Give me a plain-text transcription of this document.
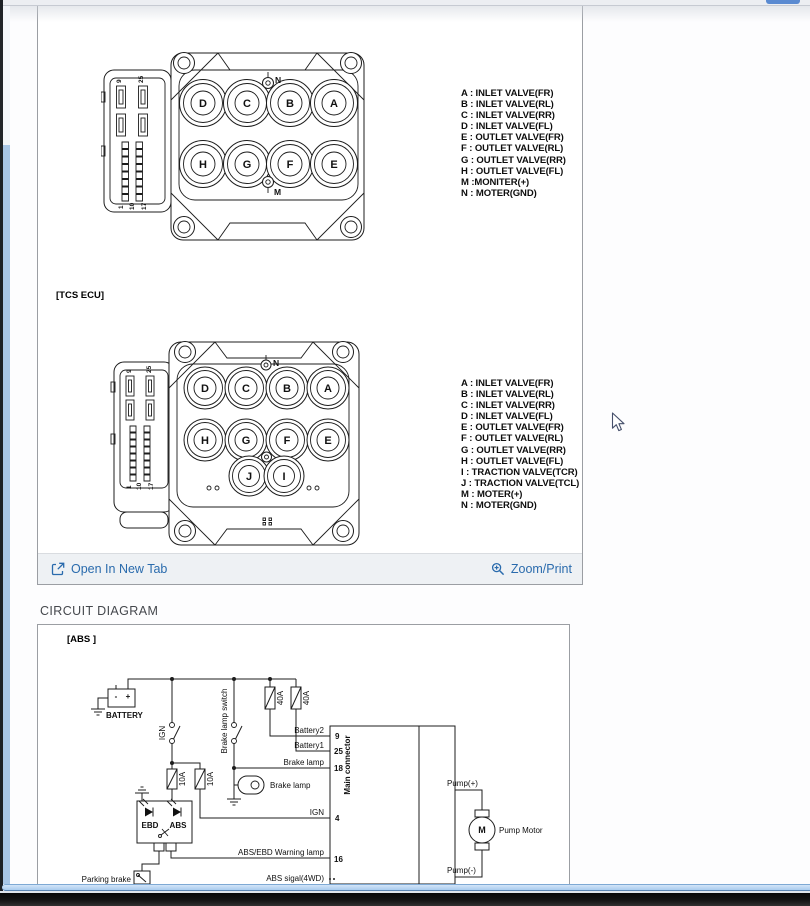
9 25
1 10 17
D	C	B	A
H	G	F	E
N
M
A : INLET VALVE(FR)
B : INLET VALVE(RL)
C : INLET VALVE(RR)
D : INLET VALVE(FL)
E : OUTLET VALVE(FR)
F : OUTLET VALVE(RL)
G : OUTLET VALVE(RR)
H : OUTLET VALVE(FL)
M :MONITER(+)
N : MOTER(GND)
[TCS ECU]
9 25
1 10 17
D	C	B	A
H	G	F	E
N
J	I
A : INLET VALVE(FR)
B : INLET VALVE(RL)
C : INLET VALVE(RR)
D : INLET VALVE(FL)
E : OUTLET VALVE(FR)
F : OUTLET VALVE(RL)
G : OUTLET VALVE(RR)
H : OUTLET VALVE(FL)
I : TRACTION VALVE(TCR)
J : TRACTION VALVE(TCL)
M : MOTER(+)
N : MOTER(GND)
Open In New Tab	Zoom/Print
CIRCUIT DIAGRAM
[ABS ]
- +
BATTERY
IGN
10A 10A
Brake lamp switch
Brake lamp
40A 40A
EBD ABS
Parking brake
ABS/EBD Warning lamp
ABS sigal(4WD)
Battery2
Battery1
Brake lamp
IGN
Main connector
9
25
18
4
16
Pump(+)
M
Pump(-)
Pump Motor
